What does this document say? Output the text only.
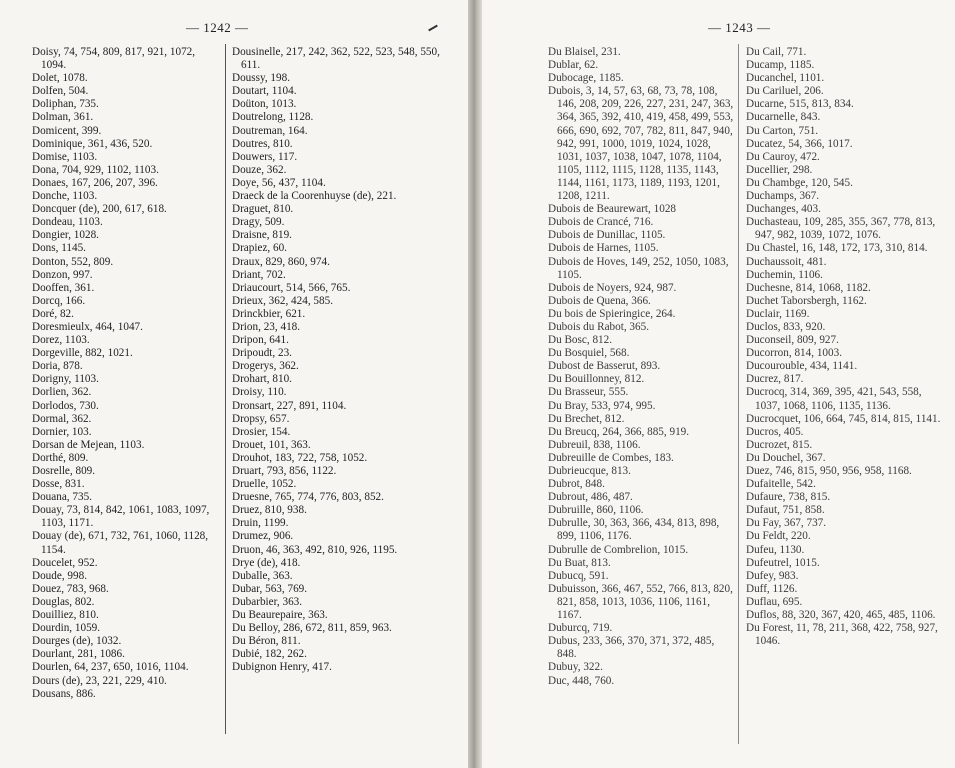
— 1242 —
Doisy, 74, 754, 809, 817, 921, 1072, 1094.
Dolet, 1078.
Dolfen, 504.
Doliphan, 735.
Dolman, 361.
Domicent, 399.
Dominique, 361, 436, 520.
Domise, 1103.
Dona, 704, 929, 1102, 1103.
Donaes, 167, 206, 207, 396.
Donche, 1103.
Doncquer (de), 200, 617, 618.
Dondeau, 1103.
Dongier, 1028.
Dons, 1145.
Donton, 552, 809.
Donzon, 997.
Dooffen, 361.
Dorcq, 166.
Doré, 82.
Doresmieulx, 464, 1047.
Dorez, 1103.
Dorgeville, 882, 1021.
Doria, 878.
Dorigny, 1103.
Dorlien, 362.
Dorlodos, 730.
Dormal, 362.
Dornier, 103.
Dorsan de Mejean, 1103.
Dorthé, 809.
Dosrelle, 809.
Dosse, 831.
Douana, 735.
Douay, 73, 814, 842, 1061, 1083, 1097, 1103, 1171.
Douay (de), 671, 732, 761, 1060, 1128, 1154.
Doucelet, 952.
Doude, 998.
Douez, 783, 968.
Douglas, 802.
Douilliez, 810.
Dourdin, 1059.
Dourges (de), 1032.
Dourlant, 281, 1086.
Dourlen, 64, 237, 650, 1016, 1104.
Dours (de), 23, 221, 229, 410.
Dousans, 886.
Dousinelle, 217, 242, 362, 522, 523, 548, 550, 611.
Doussy, 198.
Doutart, 1104.
Doüton, 1013.
Doutrelong, 1128.
Doutreman, 164.
Doutres, 810.
Douwers, 117.
Douze, 362.
Doye, 56, 437, 1104.
Draeck de la Coorenhuyse (de), 221.
Draguet, 810.
Dragy, 509.
Draisne, 819.
Drapiez, 60.
Draux, 829, 860, 974.
Driant, 702.
Driaucourt, 514, 566, 765.
Drieux, 362, 424, 585.
Drinckbier, 621.
Drion, 23, 418.
Dripon, 641.
Dripoudt, 23.
Drogerys, 362.
Drohart, 810.
Droisy, 110.
Dronsart, 227, 891, 1104.
Dropsy, 657.
Drosier, 154.
Drouet, 101, 363.
Drouhot, 183, 722, 758, 1052.
Druart, 793, 856, 1122.
Druelle, 1052.
Druesne, 765, 774, 776, 803, 852.
Druez, 810, 938.
Druin, 1199.
Drumez, 906.
Druon, 46, 363, 492, 810, 926, 1195.
Drye (de), 418.
Duballe, 363.
Dubar, 563, 769.
Dubarbier, 363.
Du Beaurepaire, 363.
Du Belloy, 286, 672, 811, 859, 963.
Du Béron, 811.
Dubié, 182, 262.
Dubignon Henry, 417.
— 1243 —
Du Blaisel, 231.
Dublar, 62.
Dubocage, 1185.
Dubois, 3, 14, 57, 63, 68, 73, 78, 108, 146, 208, 209, 226, 227, 231, 247, 363, 364, 365, 392, 410, 419, 458, 499, 553, 666, 690, 692, 707, 782, 811, 847, 940, 942, 991, 1000, 1019, 1024, 1028, 1031, 1037, 1038, 1047, 1078, 1104, 1105, 1112, 1115, 1128, 1135, 1143, 1144, 1161, 1173, 1189, 1193, 1201, 1208, 1211.
Dubois de Beaurewart, 1028
Dubois de Crancé, 716.
Dubois de Dunillac, 1105.
Dubois de Harnes, 1105.
Dubois de Hoves, 149, 252, 1050, 1083, 1105.
Dubois de Noyers, 924, 987.
Dubois de Quena, 366.
Du bois de Spieringice, 264.
Dubois du Rabot, 365.
Du Bosc, 812.
Du Bosquiel, 568.
Dubost de Basserut, 893.
Du Bouillonney, 812.
Du Brasseur, 555.
Du Bray, 533, 974, 995.
Du Brechet, 812.
Du Breucq, 264, 366, 885, 919.
Dubreuil, 838, 1106.
Dubreuille de Combes, 183.
Dubrieucque, 813.
Dubrot, 848.
Dubrout, 486, 487.
Dubruille, 860, 1106.
Dubrulle, 30, 363, 366, 434, 813, 898, 899, 1106, 1176.
Dubrulle de Combrelion, 1015.
Du Buat, 813.
Dubucq, 591.
Dubuisson, 366, 467, 552, 766, 813, 820, 821, 858, 1013, 1036, 1106, 1161, 1167.
Duburcq, 719.
Dubus, 233, 366, 370, 371, 372, 485, 848.
Dubuy, 322.
Duc, 448, 760.
Du Cail, 771.
Ducamp, 1185.
Ducanchel, 1101.
Du Cariluel, 206.
Ducarne, 515, 813, 834.
Ducarnelle, 843.
Du Carton, 751.
Ducatez, 54, 366, 1017.
Du Cauroy, 472.
Ducellier, 298.
Du Chambge, 120, 545.
Duchamps, 367.
Duchanges, 403.
Duchasteau, 109, 285, 355, 367, 778, 813, 947, 982, 1039, 1072, 1076.
Du Chastel, 16, 148, 172, 173, 310, 814.
Duchaussoit, 481.
Duchemin, 1106.
Duchesne, 814, 1068, 1182.
Duchet Taborsbergh, 1162.
Duclair, 1169.
Duclos, 833, 920.
Duconseil, 809, 927.
Ducorron, 814, 1003.
Ducourouble, 434, 1141.
Ducrez, 817.
Ducrocq, 314, 369, 395, 421, 543, 558, 1037, 1068, 1106, 1135, 1136.
Ducrocquet, 106, 664, 745, 814, 815, 1141.
Ducros, 405.
Ducrozet, 815.
Du Douchel, 367.
Duez, 746, 815, 950, 956, 958, 1168.
Dufaitelle, 542.
Dufaure, 738, 815.
Dufaut, 751, 858.
Du Fay, 367, 737.
Du Feldt, 220.
Dufeu, 1130.
Dufeutrel, 1015.
Dufey, 983.
Duff, 1126.
Duflau, 695.
Duflos, 88, 320, 367, 420, 465, 485, 1106.
Du Forest, 11, 78, 211, 368, 422, 758, 927, 1046.
